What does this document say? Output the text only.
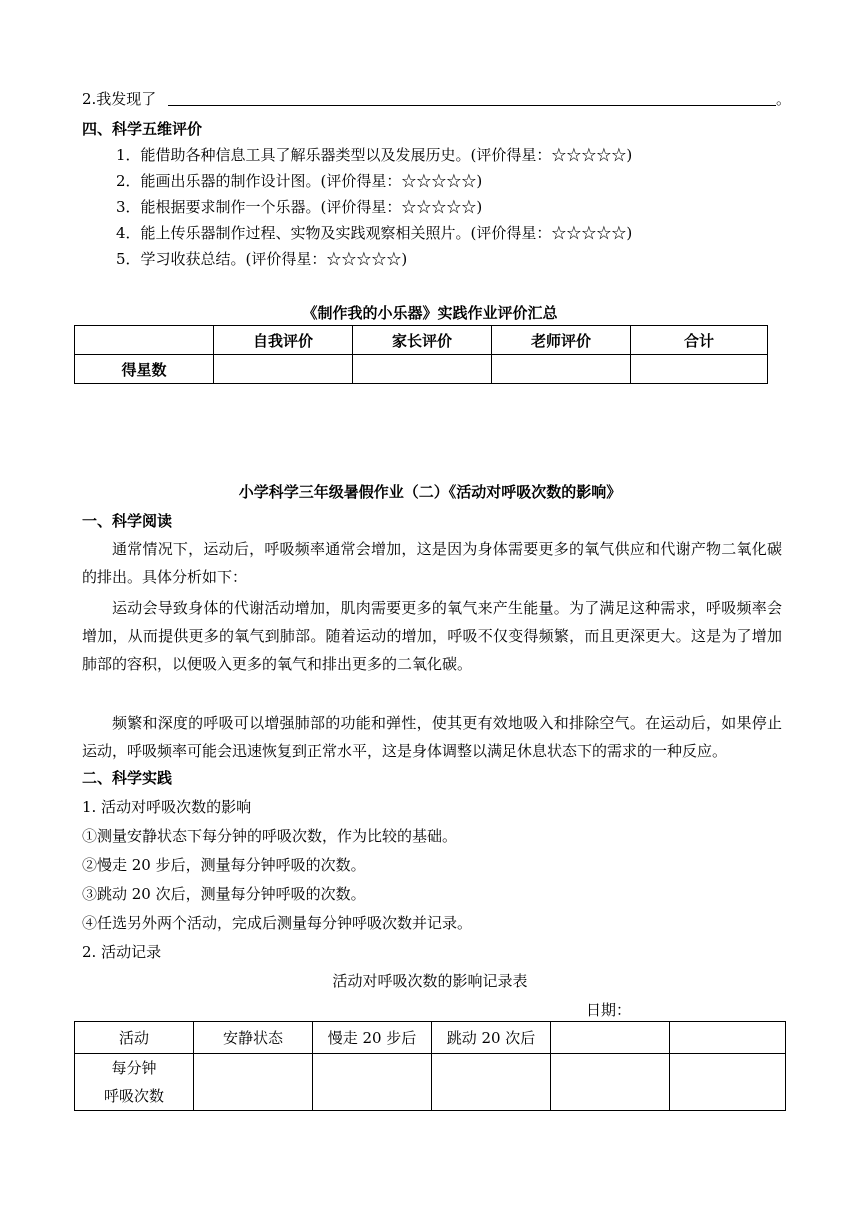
2.我发现了	。
四、科学五维评价
1．能借助各种信息工具了解乐器类型以及发展历史。(评价得星：☆☆☆☆☆)
2．能画出乐器的制作设计图。(评价得星：☆☆☆☆☆)
3．能根据要求制作一个乐器。(评价得星：☆☆☆☆☆)
4．能上传乐器制作过程、实物及实践观察相关照片。(评价得星：☆☆☆☆☆)
5．学习收获总结。(评价得星：☆☆☆☆☆)
《制作我的小乐器》实践作业评价汇总
	自我评价	家长评价	老师评价	合计
得星数				
小学科学三年级暑假作业（二）《活动对呼吸次数的影响》
一、科学阅读
通常情况下，运动后，呼吸频率通常会增加，这是因为身体需要更多的氧气供应和代谢产物二氧化碳的排出。具体分析如下：
运动会导致身体的代谢活动增加，肌肉需要更多的氧气来产生能量。为了满足这种需求，呼吸频率会增加，从而提供更多的氧气到肺部。随着运动的增加，呼吸不仅变得频繁，而且更深更大。这是为了增加肺部的容积，以便吸入更多的氧气和排出更多的二氧化碳。
频繁和深度的呼吸可以增强肺部的功能和弹性，使其更有效地吸入和排除空气。在运动后，如果停止运动，呼吸频率可能会迅速恢复到正常水平，这是身体调整以满足休息状态下的需求的一种反应。
二、科学实践
1. 活动对呼吸次数的影响
①测量安静状态下每分钟的呼吸次数，作为比较的基础。
②慢走 20 步后，测量每分钟呼吸的次数。
③跳动 20 次后，测量每分钟呼吸的次数。
④任选另外两个活动，完成后测量每分钟呼吸次数并记录。
2. 活动记录
活动对呼吸次数的影响记录表
日期：
活动	安静状态	慢走 20 步后	跳动 20 次后		

每分钟
呼吸次数					
